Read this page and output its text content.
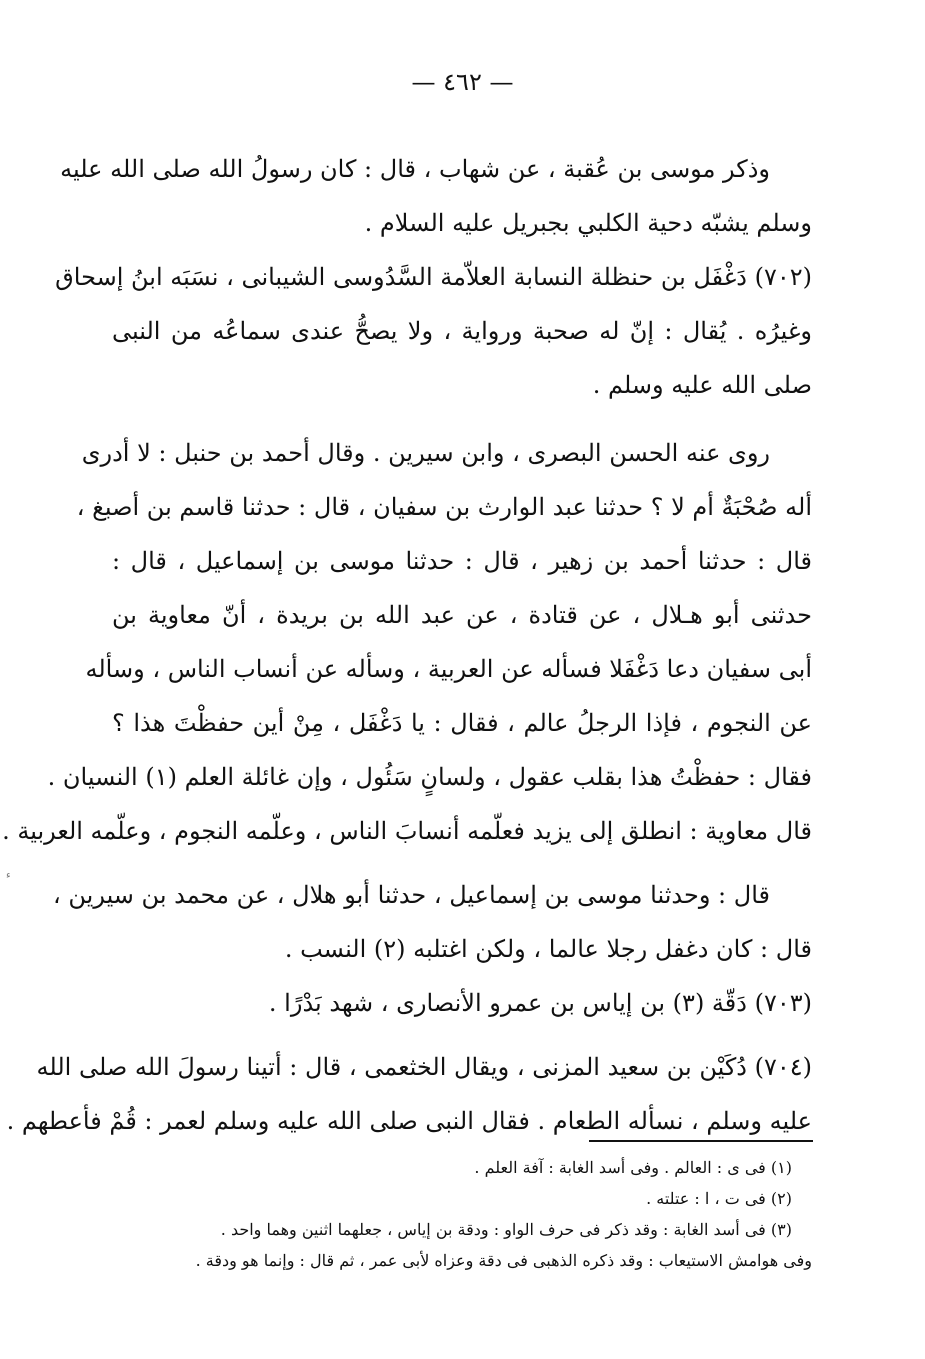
— ٤٦٢ —
وذكر موسى بن عُقبة ، عن شهاب ، قال : كان رسولُ الله صلى الله عليه
وسلم يشبّه دحية الكلبي بجبريل عليه السلام .
(٧٠٢) دَغْفَل بن حنظلة النسابة العلاّمة السَّدُوسى الشيبانى ، نسَبَه ابنُ إسحاق
وغيرُه . يُقال : إنّ له صحبة ورواية ، ولا يصحُّ عندى سماعُه من النبى
صلى الله عليه وسلم .
روى عنه الحسن البصرى ، وابن سيرين . وقال أحمد بن حنبل : لا أدرى
أله صُحْبَةٌ أم لا ؟ حدثنا عبد الوارث بن سفيان ، قال : حدثنا قاسم بن أصبغ ،
قال : حدثنا أحمد بن زهير ، قال : حدثنا موسى بن إسماعيل ، قال :
حدثنى أبو هـلال ، عن قتادة ، عن عبد الله بن بريدة ، أنّ معاوية بن
أبى سفيان دعا دَغْفَلا فسأله عن العربية ، وسأله عن أنساب الناس ، وسأله
عن النجوم ، فإذا الرجلُ عالم ، فقال : يا دَغْفَل ، مِنْ أين حفظْتَ هذا ؟
فقال : حفظْتُ هذا بقلب عقول ، ولسانٍ سَئُول ، وإن غائلة العلم (١) النسيان .
قال معاوية : انطلق إلى يزيد فعلّمه أنسابَ الناس ، وعلّمه النجوم ، وعلّمه العربية .
قال : وحدثنا موسى بن إسماعيل ، حدثنا أبو هلال ، عن محمد بن سيرين ،
قال : كان دغفل رجلا عالما ، ولكن اغتلبه (٢) النسب .
(٧٠٣) دَقّة (٣) بن إياس بن عمرو الأنصارى ، شهد بَدْرًا .
(٧٠٤) دُكَيْن بن سعيد المزنى ، ويقال الخثعمى ، قال : أتينا رسولَ الله صلى الله
عليه وسلم ، نسأله الطعام . فقال النبى صلى الله عليه وسلم لعمر : قُمْ فأعطهم .
(١) فى ى : العالم . وفى أسد الغابة : آفة العلم .
(٢) فى ت ، ا : عتلته .
(٣) فى أسد الغابة : وقد ذكر فى حرف الواو : ودقة بن إياس ، جعلهما اثنين وهما واحد .
وفى هوامش الاستيعاب : وقد ذكره الذهبى فى دقة وعزاه لأبى عمر ، ثم قال : وإنما هو ودقة .
ء
